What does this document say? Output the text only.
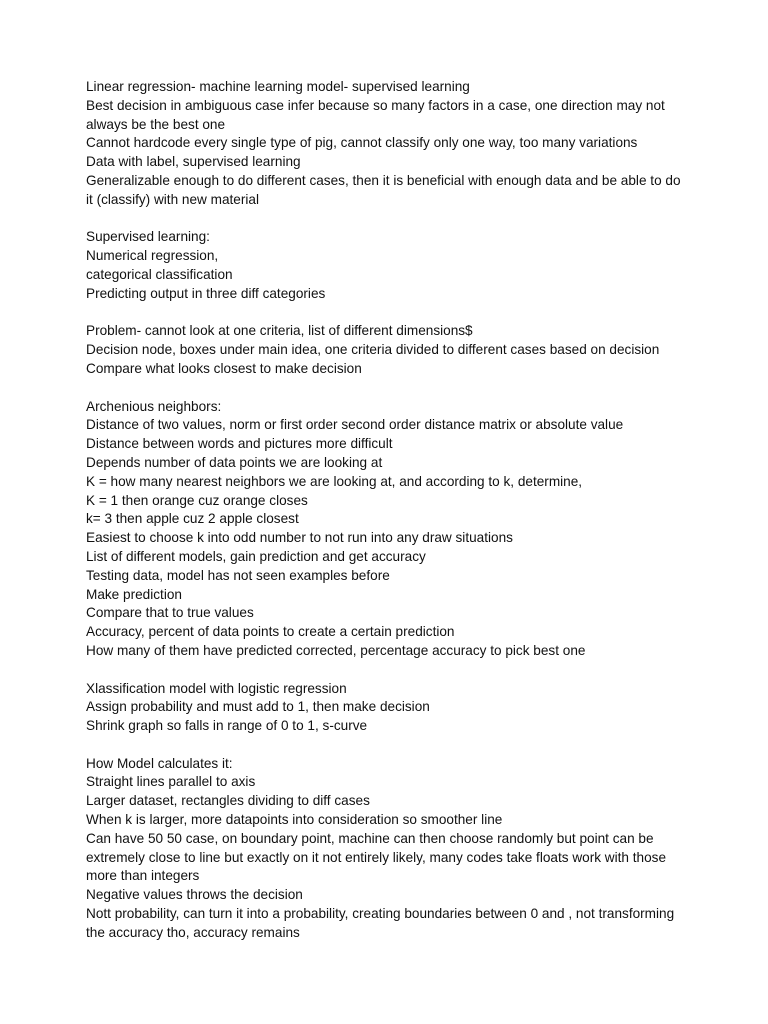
Linear regression- machine learning model- supervised learning
Best decision in ambiguous case infer because so many factors in a case, one direction may not always be the best one
Cannot hardcode every single type of pig, cannot classify only one way, too many variations
Data with label, supervised learning
Generalizable enough to do different cases, then it is beneficial with enough data and be able to do it (classify) with new material
Supervised learning:
Numerical regression,
categorical classification
Predicting output in three diff categories
Problem- cannot look at one criteria, list of different dimensions$
Decision node, boxes under main idea, one criteria divided to different cases based on decision
Compare what looks closest to make decision
Archenious neighbors:
Distance of two values, norm or first order second order distance matrix or absolute value
Distance between words and pictures more difficult
Depends number of data points we are looking at
K = how many nearest neighbors we are looking at, and according to k, determine,
K = 1 then orange cuz orange closes
k= 3 then apple cuz 2 apple closest
Easiest to choose k into odd number to not run into any draw situations
List of different models, gain prediction and get accuracy
Testing data, model has not seen examples before
Make prediction
Compare that to true values
Accuracy, percent of data points to create a certain prediction
How many of them have predicted corrected, percentage accuracy to pick best one
Xlassification model with logistic regression
Assign probability and must add to 1, then make decision
Shrink graph so falls in range of 0 to 1, s-curve
How Model calculates it:
Straight lines parallel to axis
Larger dataset, rectangles dividing to diff cases
When k is larger, more datapoints into consideration so smoother line
Can have 50 50 case, on boundary point, machine can then choose randomly but point can be extremely close to line but exactly on it not entirely likely, many codes take floats work with those more than integers
Negative values throws the decision
Nott probability, can turn it into a probability, creating boundaries between 0 and , not transforming the accuracy tho, accuracy remains
